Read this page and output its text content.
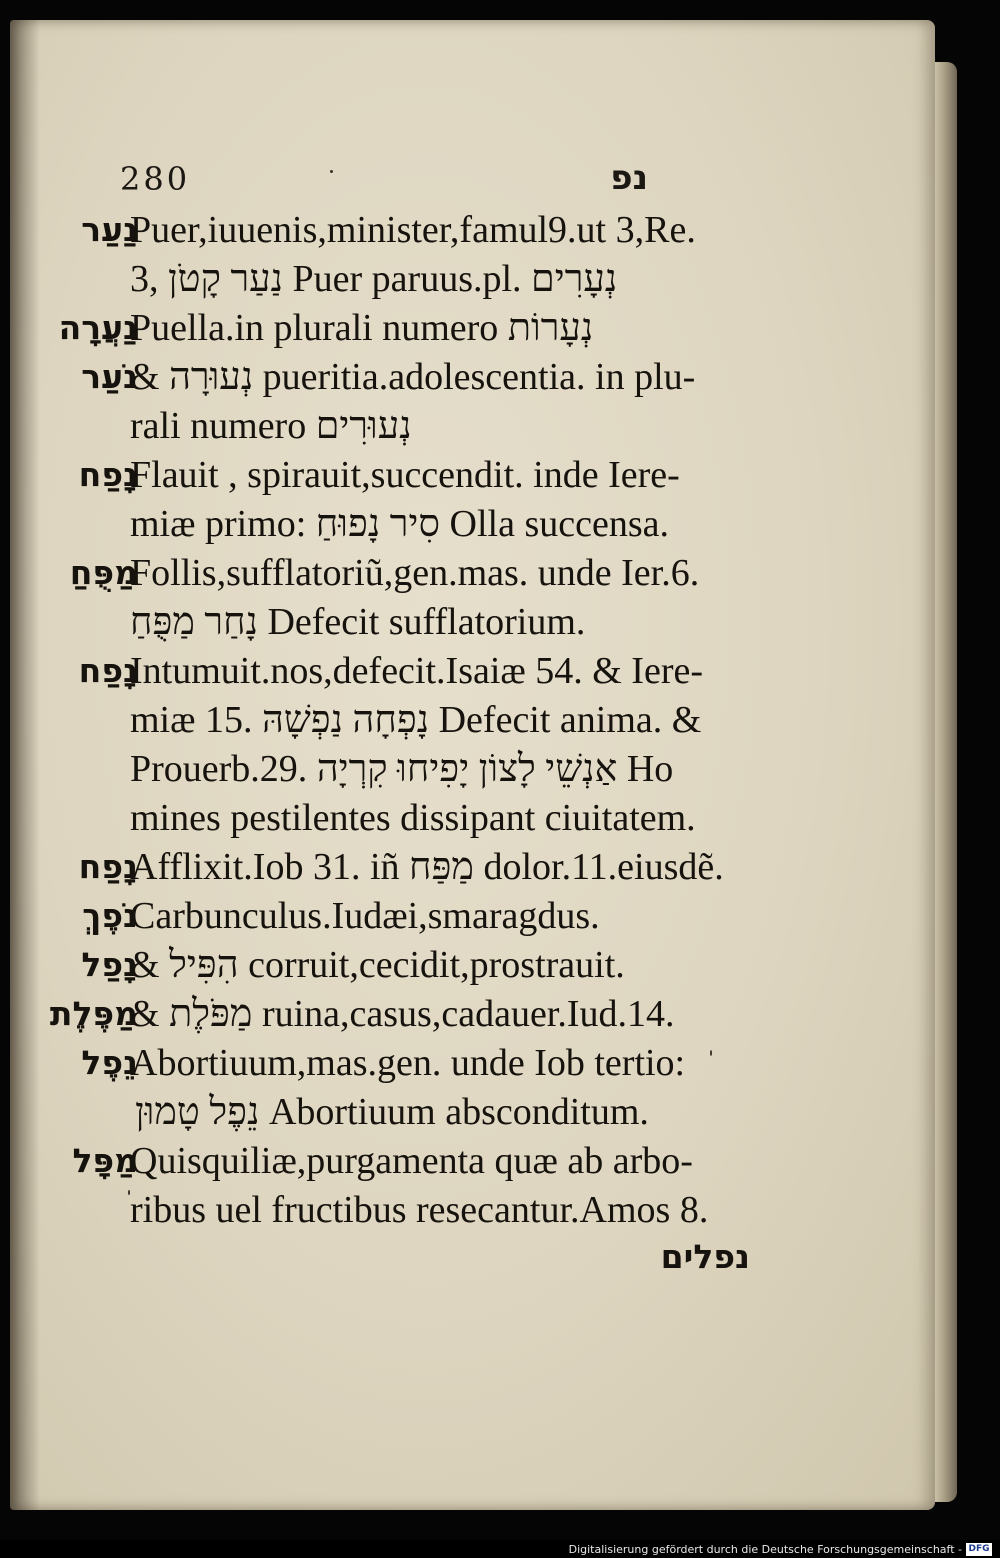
280	נפ
נַעַר
Puer,iuuenis,minister,famul9.ut 3,Re.
3, נַעַר קָטֹן Puer paruus.pl. נְעָרִים
נַעֲרָה
Puella.in plurali numero נְעָרוֹת
נֹעַר
& נְעוּרָה pueritia.adolescentia. in plu-
rali numero נְעוּרִים
נָפַח
Flauit , spirauit,succendit. inde Iere-
miæ primo: סִיר נָפוּחַ Olla succensa.
מַפֻּחַ
Follis,sufflatoriũ,gen.mas. unde Ier.6.
נָחַר מַפֻּחַ Defecit sufflatorium.
נָפַח
Intumuit.nos,defecit.Isaiæ 54. & Iere-
miæ 15. נָפְחָה נַפְשָׁהּ Defecit anima. &
Prouerb.29. אַנְשֵׁי לָצוֹן יָפִיחוּ קִרְיָה Ho
mines pestilentes dissipant ciuitatem.
נָפַח
Afflixit.Iob 31. iñ מַפַּח dolor.11.eiusdẽ.
נֹפֶךְ
Carbunculus.Iudæi,smaragdus.
נָפַל
& הִפִּיל corruit,cecidit,prostrauit.
מַפֶּלֶת
& מַפֹּלֶת ruina,casus,cadauer.Iud.14.
נֵפֶל
Abortiuum,mas.gen. unde Iob tertio:
נֵפֶל טָמוּן Abortiuum absconditum.
מַפָּל
Quisquiliæ,purgamenta quæ ab arbo-
ribus uel fructibus resecantur.Amos 8.
נפלים
Digitalisierung gefördert durch die Deutsche Forschungsgemeinschaft - DFG
